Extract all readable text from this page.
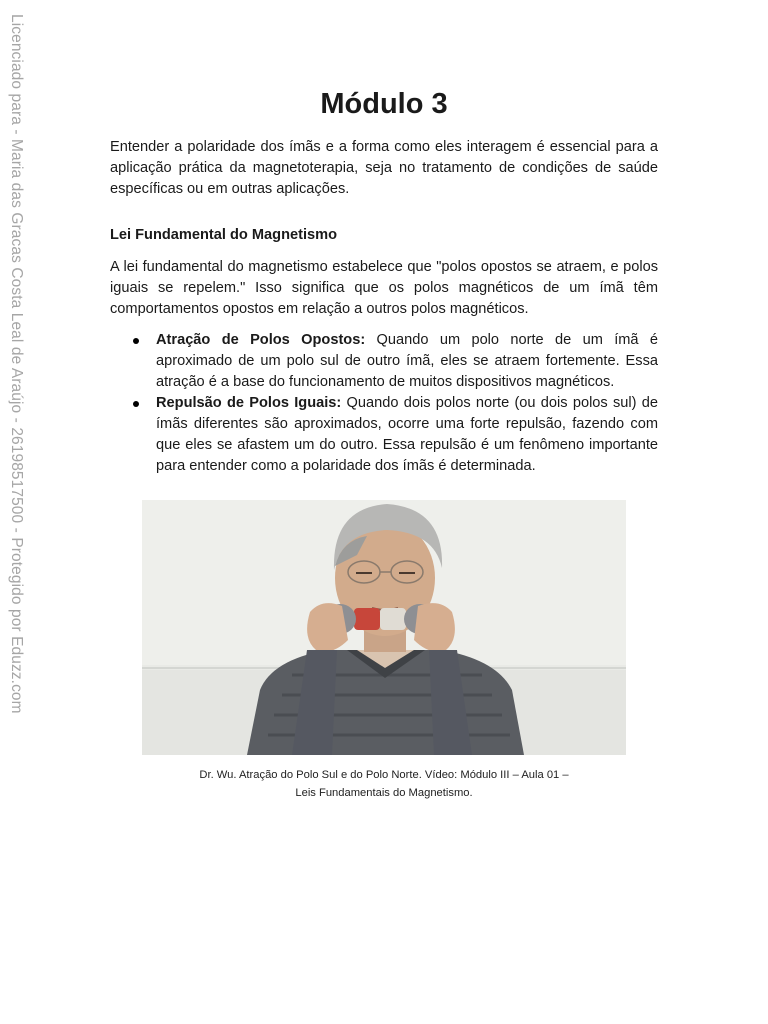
Licenciado para - Maria das Gracas Costa Leal de Araújo - 26198517500 - Protegido por Eduzz.com	Módulo 3

Entender a polaridade dos ímãs e a forma como eles interagem é essencial para a aplicação prática da magnetoterapia, seja no tratamento de condições de saúde específicas ou em outras aplicações.

Lei Fundamental do Magnetismo

A lei fundamental do magnetismo estabelece que "polos opostos se atraem, e polos iguais se repelem." Isso significa que os polos magnéticos de um ímã têm comportamentos opostos em relação a outros polos magnéticos.

Atração de Polos Opostos: Quando um polo norte de um ímã é aproximado de um polo sul de outro ímã, eles se atraem fortemente. Essa atração é a base do funcionamento de muitos dispositivos magnéticos.
Repulsão de Polos Iguais: Quando dois polos norte (ou dois polos sul) de ímãs diferentes são aproximados, ocorre uma forte repulsão, fazendo com que eles se afastem um do outro. Essa repulsão é um fenômeno importante para entender como a polaridade dos ímãs é determinada.

Dr. Wu. Atração do Polo Sul e do Polo Norte. Vídeo: Módulo III – Aula 01 –
Leis Fundamentais do Magnetismo.
